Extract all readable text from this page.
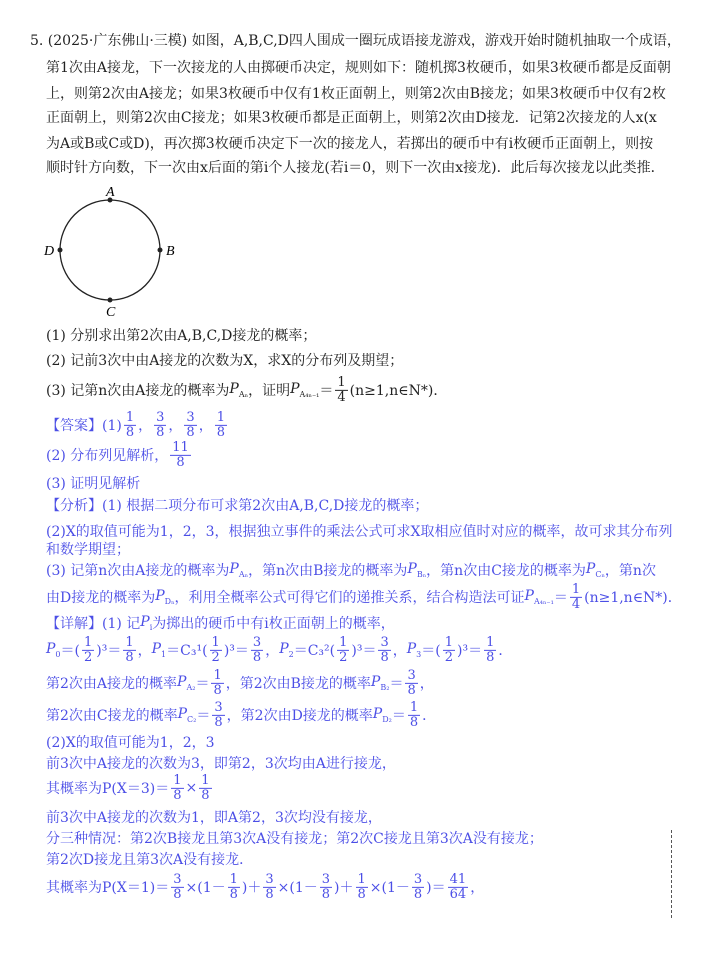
5. (2025·广东佛山·三模) 如图，A,B,C,D四人围成一圈玩成语接龙游戏，游戏开始时随机抽取一个成语，
第1次由A接龙，下一次接龙的人由掷硬币决定，规则如下：随机掷3枚硬币，如果3枚硬币都是反面朝
上，则第2次由A接龙；如果3枚硬币中仅有1枚正面朝上，则第2次由B接龙；如果3枚硬币中仅有2枚
正面朝上，则第2次由C接龙；如果3枚硬币都是正面朝上，则第2次由D接龙．记第2次接龙的人x(x
为A或B或C或D)，再次掷3枚硬币决定下一次的接龙人，若掷出的硬币中有i枚硬币正面朝上，则按
顺时针方向数，下一次由x后面的第i个人接龙(若i＝0，则下一次由x接龙)．此后每次接龙以此类推．
A
B
C
D
(1) 分别求出第2次由A,B,C,D接龙的概率；
(2) 记前3次中由A接龙的次数为X，求X的分布列及期望；
(3) 记第n次由A接龙的概率为 $P_{A_n}$ ，证明 $P_{A_{4n-1}} = \frac{1}{4}$ (n≥1,n∈N*)．
【答案】$(1) \frac{1}{8}$ ， $\frac{3}{8}$ ， $\frac{3}{8}$ ， $\frac{1}{8}$
(2) 分布列见解析， $\frac{11}{8}$
(3) 证明见解析
【分析】(1) 根据二项分布可求第2次由A,B,C,D接龙的概率；
(2)X的取值可能为1，2，3，根据独立事件的乘法公式可求X取相应值时对应的概率，故可求其分布列
和数学期望；
(3) 记第n次由A接龙的概率为 $P_{A_n}$ ，第n次由B接龙的概率为 $P_{B_n}$ ，第n次由C接龙的概率为 $P_{C_n}$ ，第n次
由D接龙的概率为 $P_{D_n}$ ，利用全概率公式可得它们的递推关系，结合构造法可证 $P_{A_{4n-1}} = \frac{1}{4}$ (n≥1,n∈N*)．
【详解】(1) 记 $P_i$ 为掷出的硬币中有i枚正面朝上的概率，
$P_0$ ＝( $\frac{1}{2} )^3= \frac{1}{8}$ ， $P_1 =C_3^1( \frac{1}{2} )^3= \frac{3}{8}$ ， $P_2 =C_3^2( \frac{1}{2} )^3= \frac{3}{8}$ ， $P_3$ ＝( $\frac{1}{2} )^3= \frac{1}{8}$ ．
第2次由A接龙的概率 $P_{A_2} = \frac{1}{8}$ ，第2次由B接龙的概率 $P_{B_2} = \frac{3}{8}$ ，
第2次由C接龙的概率 $P_{C_2} = \frac{3}{8}$ ，第2次由D接龙的概率 $P_{D_2} = \frac{1}{8}$ ．
(2)X的取值可能为1，2，3
前3次中A接龙的次数为3，即第2，3次均由A进行接龙，
其概率为$P(X=3)= \frac{1}{8} \times \frac{1}{8}$
前3次中A接龙的次数为1，即A第2，3次均没有接龙，
分三种情况：第2次B接龙且第3次A没有接龙；第2次C接龙且第3次A没有接龙；
第2次D接龙且第3次A没有接龙．
其概率为$P(X=1)= \frac{3}{8} \times(1- \frac{1}{8}$ )＋ $\frac{3}{8} \times(1- \frac{3}{8}$ )＋ $\frac{1}{8} \times(1- \frac{3}{8}$ )＝ $\frac{41}{64}$ ，
